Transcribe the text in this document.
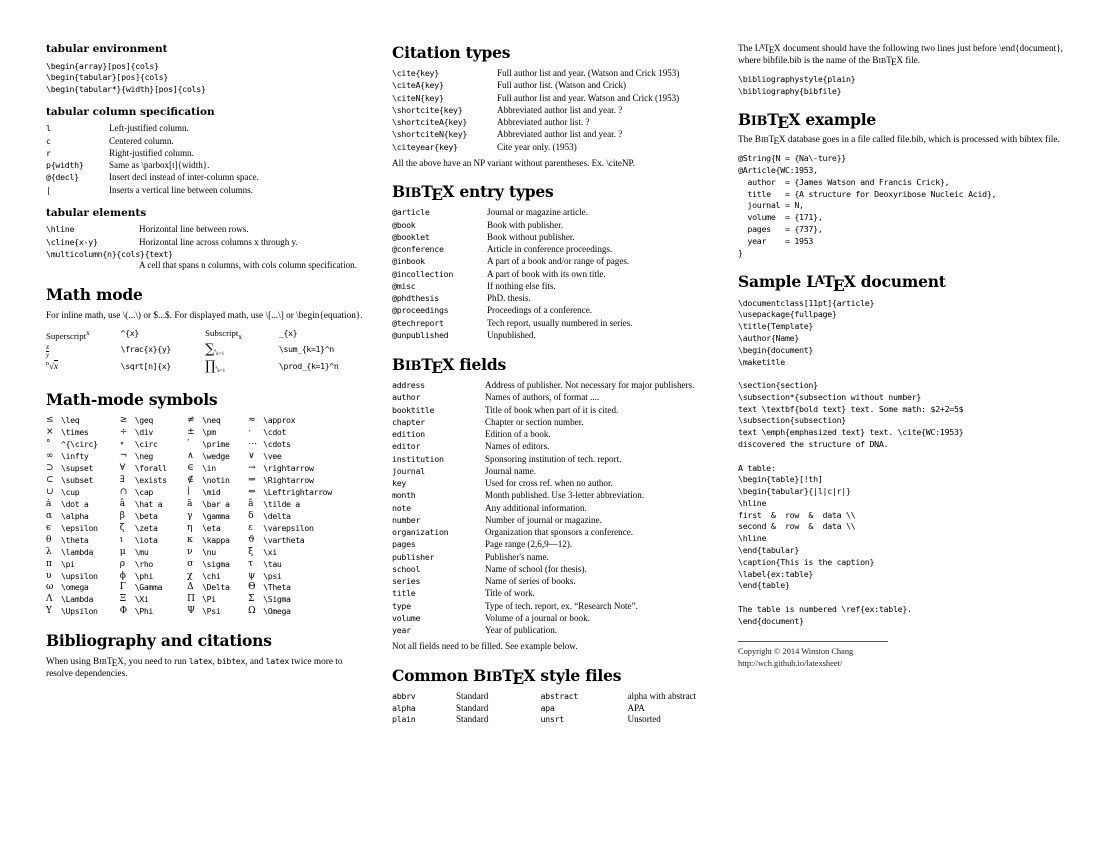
tabular environment
\begin{array}[pos]{cols}
\begin{tabular}[pos]{cols}
\begin{tabular*}{width}[pos]{cols}
tabular column specification
l	Left-justified column.
c	Centered column.
r	Right-justified column.
p{width}	Same as \parbox[t]{width}.
@{decl}	Insert decl instead of inter-column space.
|	Inserts a vertical line between columns.
tabular elements
\hline	Horizontal line between rows.
\cline{x-y}	Horizontal line across columns x through y.
\multicolumn{n}{cols}{text}	
	A cell that spans n columns, with cols column specification.
Math mode

For inline math, use \(...\) or $...$. For displayed math, use \[...\] or \begin{equation}.

Superscript$^x$	^{x}	Subscript$_x$	_{x}

$\frac{x}{y}$	\frac{x}{y}	∑ⁿ$_{k=1}$	\sum_{k=1}^n
$^n$√x	\sqrt[n]{x}	∏ⁿ$_{k=1}$	\prod_{k=1}^n
Math-mode symbols
≤	\leq	≥	\geq	≠	\neq	≈	\approx
×	\times	÷	\div	±	\pm	⋅	\cdot
°	^{\circ}	∘	\circ	′	\prime	⋯	\cdots
∞	\infty	¬	\neg	∧	\wedge	∨	\vee
⊃	\supset	∀	\forall	∈	\in	→	\rightarrow
⊂	\subset	∃	\exists	∉	\notin	⇒	\Rightarrow
∪	\cup	∩	\cap	∣	\mid	⇔	\Leftrightarrow
ȧ	\dot a	â	\hat a	ā	\bar a	ã	\tilde a
α	\alpha	β	\beta	γ	\gamma	δ	\delta
ϵ	\epsilon	ζ	\zeta	η	\eta	ε	\varepsilon
θ	\theta	ι	\iota	κ	\kappa	ϑ	\vartheta
λ	\lambda	μ	\mu	ν	\nu	ξ	\xi
π	\pi	ρ	\rho	σ	\sigma	τ	\tau
υ	\upsilon	ϕ	\phi	χ	\chi	ψ	\psi
ω	\omega	Γ	\Gamma	Δ	\Delta	Θ	\Theta
Λ	\Lambda	Ξ	\Xi	Π	\Pi	Σ	\Sigma
Υ	\Upsilon	Φ	\Phi	Ψ	\Psi	Ω	\Omega
Bibliography and citations

When using BIBTEX, you need to run latex, bibtex, and latex twice more to resolve dependencies.

Citation types
\cite{key}	Full author list and year. (Watson and Crick 1953)
\citeA{key}	Full author list. (Watson and Crick)
\citeN{key}	Full author list and year. Watson and Crick (1953)
\shortcite{key}	Abbreviated author list and year. ?
\shortciteA{key}	Abbreviated author list. ?
\shortciteN{key}	Abbreviated author list and year. ?
\citeyear{key}	Cite year only. (1953)
All the above have an NP variant without parentheses. Ex. \citeNP.
BIBTEX entry types
@article	Journal or magazine article.
@book	Book with publisher.
@booklet	Book without publisher.
@conference	Article in conference proceedings.
@inbook	A part of a book and/or range of pages.
@incollection	A part of book with its own title.
@misc	If nothing else fits.
@phdthesis	PhD. thesis.
@proceedings	Proceedings of a conference.
@techreport	Tech report, usually numbered in series.
@unpublished	Unpublished.
BIBTEX fields
address	Address of publisher. Not necessary for major publishers.
author	Names of authors, of format ....
booktitle	Title of book when part of it is cited.
chapter	Chapter or section number.
edition	Edition of a book.
editor	Names of editors.
institution	Sponsoring institution of tech. report.
journal	Journal name.
key	Used for cross ref. when no author.
month	Month published. Use 3-letter abbreviation.
note	Any additional information.
number	Number of journal or magazine.
organization	Organization that sponsors a conference.
pages	Page range (2,6,9—12).
publisher	Publisher's name.
school	Name of school (for thesis).
series	Name of series of books.
title	Title of work.
type	Type of tech. report, ex. “Research Note”.
volume	Volume of a journal or book.
year	Year of publication.
Not all fields need to be filled. See example below.
Common BIBTEX style files
abbrv	Standard	abstract	alpha with abstract
alpha	Standard	apa	APA
plain	Standard	unsrt	Unsorted

The $L^ATEX$ document should have the following two lines just before \end{document}, where bibfile.bib is the name of the BIBTEX file.

\bibliographystyle{plain}
\bibliography{bibfile}
BIBTEX example

The BIBTEX database goes in a file called file.bib, which is processed with bibtex file.

@String{N = {Na\-ture}}
@Article{WC:1953,
author  = {James Watson and Francis Crick},
title   = {A structure for Deoxyribose Nucleic Acid},
journal = N,
volume  = {171},
pages   = {737},
year    = 1953
}
Sample $L^ATEX$ document
\documentclass[11pt]{article}
\usepackage{fullpage}
\title{Template}
\author{Name}
\begin{document}
\maketitle

\section{section}
\subsection*{subsection without number}
text \textbf{bold text} text. Some math: $2+2=5$
\subsection{subsection}
text \emph{emphasized text} text. \cite{WC:1953}
discovered the structure of DNA.

A table:
\begin{table}[!th]
\begin{tabular}{|l|c|r|}
\hline
first  &  row  &  data \\
second &  row  &  data \\
\hline
\end{tabular}
\caption{This is the caption}
\label{ex:table}
\end{table}

The table is numbered \ref{ex:table}.
\end{document}
Copyright © 2014 Winston Chang
http://wch.github.io/latexsheet/
